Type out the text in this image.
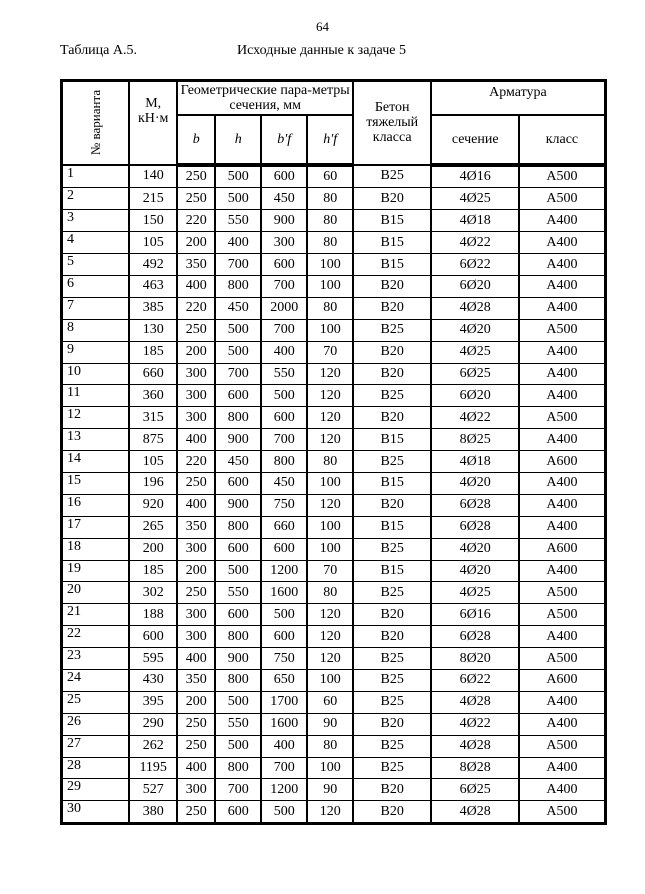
64
Таблица А.5.	Исходные данные к задаче 5
№ варианта	М, кН·м	Геометрические пара-метры сечения, мм				Бетон тяжелый класса	Арматура	
		b	h	b′f	h′f		сечение	класс
1	140	250	500	600	60	B25	4Ø16	A500
2	215	250	500	450	80	B20	4Ø25	A500
3	150	220	550	900	80	B15	4Ø18	A400
4	105	200	400	300	80	B15	4Ø22	A400
5	492	350	700	600	100	B15	6Ø22	A400
6	463	400	800	700	100	B20	6Ø20	A400
7	385	220	450	2000	80	B20	4Ø28	A400
8	130	250	500	700	100	B25	4Ø20	A500
9	185	200	500	400	70	B20	4Ø25	A400
10	660	300	700	550	120	B20	6Ø25	A400
11	360	300	600	500	120	B25	6Ø20	A400
12	315	300	800	600	120	B20	4Ø22	A500
13	875	400	900	700	120	B15	8Ø25	A400
14	105	220	450	800	80	B25	4Ø18	A600
15	196	250	600	450	100	B15	4Ø20	A400
16	920	400	900	750	120	B20	6Ø28	A400
17	265	350	800	660	100	B15	6Ø28	A400
18	200	300	600	600	100	B25	4Ø20	A600
19	185	200	500	1200	70	B15	4Ø20	A400
20	302	250	550	1600	80	B25	4Ø25	A500
21	188	300	600	500	120	B20	6Ø16	A500
22	600	300	800	600	120	B20	6Ø28	A400
23	595	400	900	750	120	B25	8Ø20	A500
24	430	350	800	650	100	B25	6Ø22	A600
25	395	200	500	1700	60	B25	4Ø28	A400
26	290	250	550	1600	90	B20	4Ø22	A400
27	262	250	500	400	80	B25	4Ø28	A500
28	1195	400	800	700	100	B25	8Ø28	A400
29	527	300	700	1200	90	B20	6Ø25	A400
30	380	250	600	500	120	B20	4Ø28	A500
